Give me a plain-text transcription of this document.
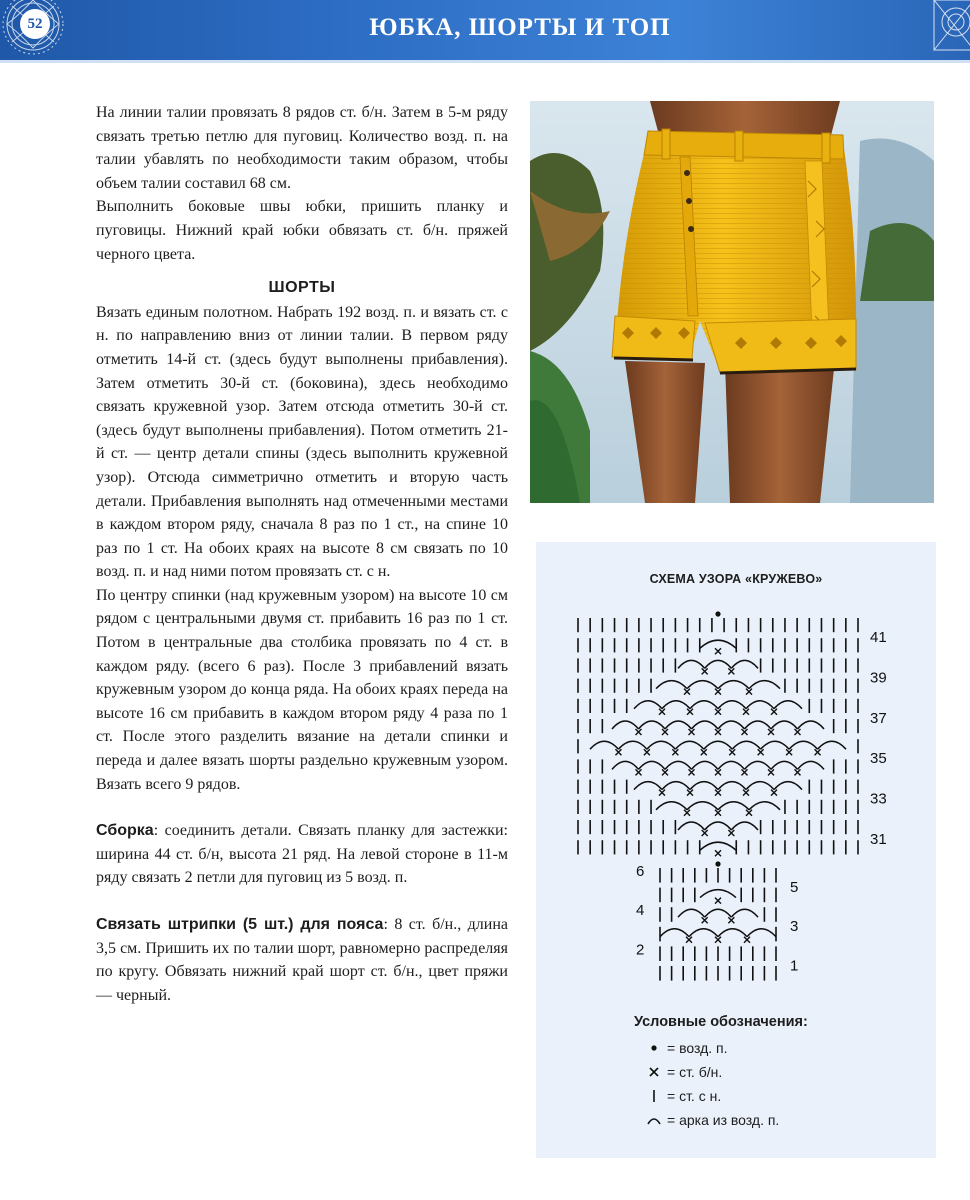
52	ЮБКА, ШОРТЫ И ТОП

На линии талии провязать 8 рядов ст. б/н. Затем в 5-м ряду связать третью петлю для пуговиц. Количество возд. п. на талии убавлять по необходимости таким образом, чтобы объем талии составил 68 см.

Выполнить боковые швы юбки, пришить планку и пуговицы. Нижний край юбки обвязать ст. б/н. пряжей черного цвета.

ШОРТЫ

Вязать единым полотном. Набрать 192 возд. п. и вязать ст. с н. по направлению вниз от линии талии. В первом ряду отметить 14-й ст. (здесь будут выполнены прибавления). Затем отметить 30-й ст. (боковина), здесь необходимо связать кружевной узор. Затем отсюда отметить 30-й ст. (здесь будут выполнены прибавления). Потом отметить 21-й ст. — центр детали спины (здесь выполнить кружевной узор). Отсюда симметрично отметить и вторую часть детали. Прибавления выполнять над отмеченными местами в каждом втором ряду, сначала 8 раз по 1 ст., на спине 10 раз по 1 ст. На обоих краях на высоте 8 см связать по 10 возд. п. и над ними потом провязать ст. с н.

По центру спинки (над кружевным узором) на высоте 10 см рядом с центральными двумя ст. прибавить 16 раз по 1 ст. Потом в центральные два столбика провязать по 4 ст. в каждом ряду. (всего 6 раз). После 3 прибавлений вязать кружевным узором до конца ряда. На обоих краях переда на высоте 16 см прибавить в каждом втором ряду 4 раза по 1 ст. После этого разделить вязание на детали спинки и переда и далее вязать шорты раздельно кружевным узором. Вязать всего 9 рядов.

Сборка: соединить детали. Связать планку для застежки: ширина 44 ст. б/н, высота 21 ряд. На левой стороне в 11-м ряду связать 2 петли для пуговиц из 5 возд. п.

Связать штрипки (5 шт.) для пояса: 8 ст. б/н., длина 3,5 см. Пришить их по талии шорт, равномерно распределяя по кругу. Обвязать нижний край шорт ст. б/н., цвет пряжи — черный.

СХЕМА УЗОРА «КРУЖЕВО»
41
39
37
35
33
31
5
3
1
6
4
2
Условные обозначения:
= возд. п.
= ст. б/н.
= ст. с н.
= арка из возд. п.
